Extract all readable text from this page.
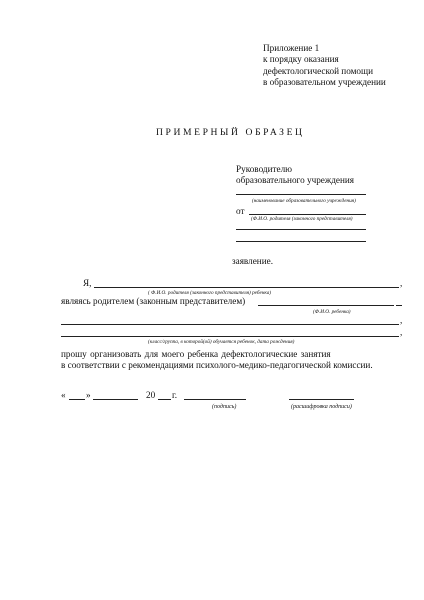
Приложение 1
к порядку оказания
дефектологической помощи
в образовательном учреждении
ПРИМЕРНЫЙ ОБРАЗЕЦ
Руководителю
образовательного учреждения
(наименование образовательного учреждения)
от
(Ф.И.О. родителя (законного представителя)
заявление.
Я,	,
( Ф.И.О. родителя (законного представителя) ребенка)
являясь родителем (законным представителем)
(Ф.И.О. ребенка)
,
,
(класс/группа, в которой(ой) обучается ребенок, дата рождения)
прошу организовать для моего ребенка дефектологические занятия
в соответствии с рекомендациями психолого-медико-педагогической комиссии.
« »	20 г.
(подпись)	(расшифровка подписи)
